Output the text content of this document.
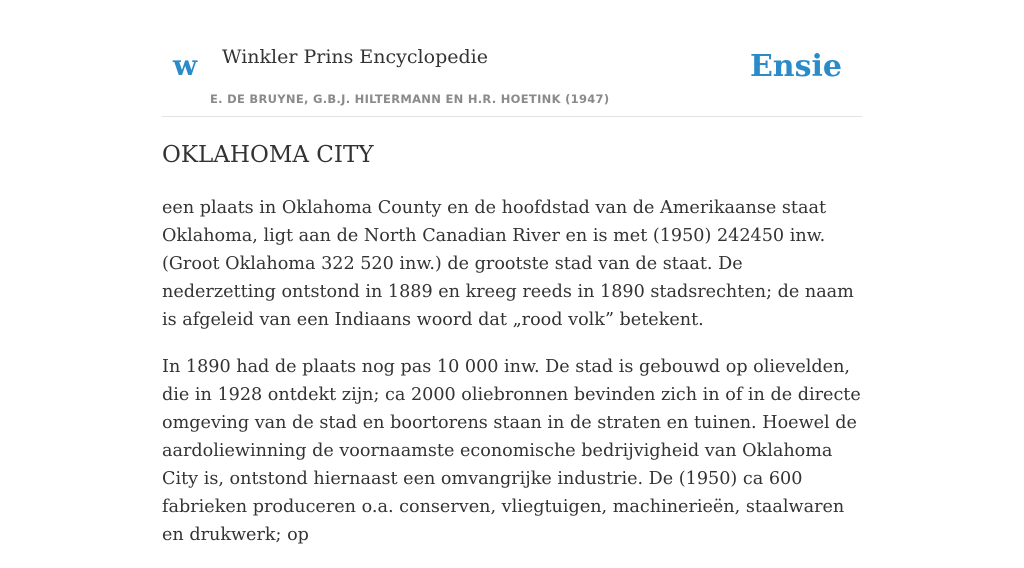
w Winkler Prins Encyclopedie
E. DE BRUYNE, G.B.J. HILTERMANN EN H.R. HOETINK (1947)
Ensie
OKLAHOMA CITY

een plaats in Oklahoma County en de hoofdstad van de Amerikaanse staat Oklahoma, ligt aan de North Canadian River en is met (1950) 242450 inw. (Groot Oklahoma 322 520 inw.) de grootste stad van de staat. De nederzetting ontstond in 1889 en kreeg reeds in 1890 stadsrechten; de naam is afgeleid van een Indiaans woord dat „rood volk” betekent.

In 1890 had de plaats nog pas 10 000 inw. De stad is gebouwd op olievelden, die in 1928 ontdekt zijn; ca 2000 oliebronnen bevinden zich in of in de directe omgeving van de stad en boortorens staan in de straten en tuinen. Hoewel de aardoliewinning de voornaamste economische bedrijvigheid van Oklahoma City is, ontstond hiernaast een omvangrijke industrie. De (1950) ca 600 fabrieken produceren o.a. conserven, vliegtuigen, machinerieën, staalwaren en drukwerk; op
